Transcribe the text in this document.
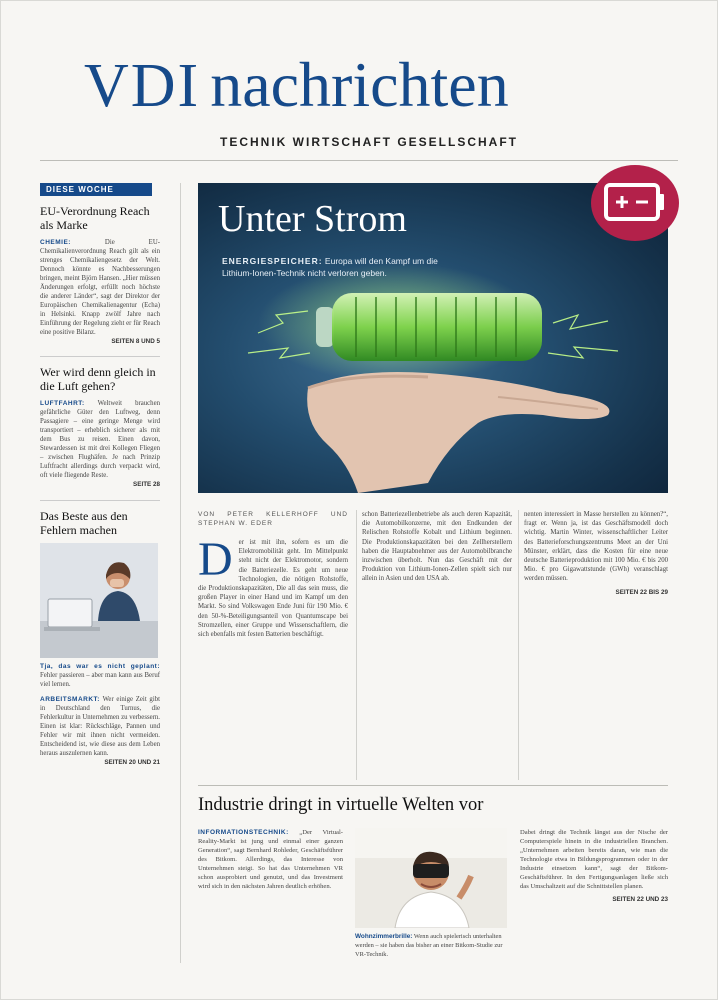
VDI nachrichten
TECHNIK WIRTSCHAFT GESELLSCHAFT
DIESE WOCHE
EU-Verordnung Reach als Marke
CHEMIE:	Die EU-Chemikalienverordnung Reach gilt als ein strenges Chemikaliengesetz der Welt. Dennoch könnte es Nachbesserungen bringen, meint Björn Hansen. „Hier müssen Änderungen erfolgt, erfüllt noch höchste die anderer Länder“, sagt der Direktor der Europäischen Chemikalienagentur (Echa) in Helsinki. Knapp zwölf Jahre nach Einführung der Regelung zieht er für Reach eine positive Bilanz.
SEITEN 8 UND 5
Wer wird denn gleich in die Luft gehen?
LUFTFAHRT: Weltweit brauchen gefährliche Güter den Luftweg, denn Passagiere – eine geringe Menge wird transportiert – erheblich sicherer als mit dem Bus zu reisen. Einen davon, Stewardessen ist mit drei Kollegen Fliegen – zwischen Flughäfen. Je nach Prinzip Luftfracht allerdings durch verpackt wird, oft viele fliegende Reste.
SEITE 28
Das Beste aus den Fehlern machen
Tja, das war es nicht geplant: Fehler passieren – aber man kann aus Beruf viel lernen.
ARBEITSMARKT: Wer einige Zeit gibt in Deutschland den Turnus, die Fehlerkultur in Unternehmen zu verbessern. Einen ist klar: Rückschläge, Pannen und Fehler wir mit ihnen nicht vermeiden. Entscheidend ist, wie diese aus dem Leben heraus auszulernen kann.
SEITEN 20 UND 21
Unter Strom
ENERGIESPEICHER: Europa will den Kampf um die Lithium-Ionen-Technik nicht verloren geben.
VON PETER KELLERHOFF UND STEPHAN W. EDER
D er ist mit ihn, sofern es um die Elektromobilität geht. Im Mittelpunkt steht nicht der Elektromotor, sondern die Batteriezelle. Es geht um neue Technologien, die nötigen Rohstoffe, die Produktionskapazitäten, Die all das sein muss, die großen Player in einer Hand und im Kampf um den Markt. So sind Volkswagen Ende Juni für 190 Mio. € den 50-%-Beteiligungsanteil von Quantumscape bei Stromzellen, einer Gruppe und Wissenschaftlern, die sich ebenfalls mit festen Batterien beschäftigt.
schon Batteriezellenbetriebe als auch deren Kapazität, die Automobilkonzerne, mit den Endkunden der Relischen Rohstoffe Kobalt und Lithium beginnen. Die Produktionskapazitäten bei den Zellherstellern haben die Hauptabnehmer aus der Automobilbranche inzwischen überholt. Nun das Geschäft mit der Produktion von Lithium-Ionen-Zellen spielt sich nur allein in Asien und den USA ab.
nenten interessiert in Masse herstellen zu können?“, fragt er. Wenn ja, ist das Geschäftsmodell doch wichtig. Martin Winter, wissenschaftlicher Leiter des Batterieforschungszentrums Meet an der Uni Münster, erklärt, dass die Kosten für eine neue deutsche Batterieproduktion mit 100 Mio. € bis 200 Mio. € pro Gigawattstunde (GWh) veranschlagt werden müssen.
SEITEN 22 BIS 29
Industrie dringt in virtuelle Welten vor
INFORMATIONSTECHNIK: „Der Virtual-Reality-Markt ist jung und einmal einer ganzen Generation“, sagt Bernhard Rohleder, Geschäftsführer des Bitkom. Allerdings, das Interesse von Unternehmen steigt. So hat das Unternehmen VR schon ausprobiert und genutzt, und das Investment wird sich in den nächsten Jahren deutlich erhöhen.
Wohnzimmerbrille: Wenn auch spielerisch unterhalten werden – sie haben das bisher an einer Bitkom-Studie zur VR-Technik.
Dabei dringt die Technik längst aus der Nische der Computerspiele hinein in die industriellen Branchen. „Unternehmen arbeiten bereits daran, wie man die Technologie etwa in Bildungsprogrammen oder in der Industrie einsetzen kann“, sagt der Bitkom-Geschäftsführer. In den Fertigungsanlagen ließe sich das Umschaltzeit auf die Schnittstellen planen.
SEITEN 22 UND 23
